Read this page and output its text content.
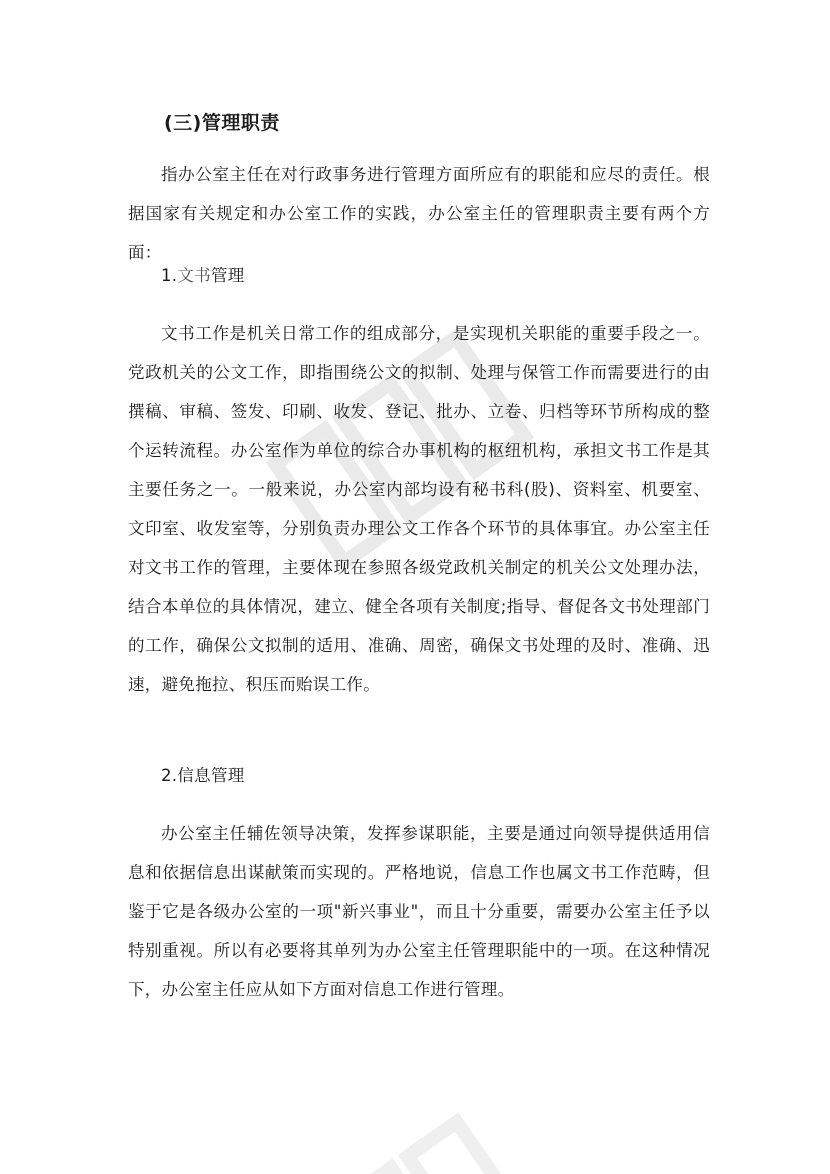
(三)管理职责

指办公室主任在对行政事务进行管理方面所应有的职能和应尽的责任。根据国家有关规定和办公室工作的实践，办公室主任的管理职责主要有两个方面：

1.文书管理

文书工作是机关日常工作的组成部分，是实现机关职能的重要手段之一。党政机关的公文工作，即指围绕公文的拟制、处理与保管工作而需要进行的由撰稿、审稿、签发、印刷、收发、登记、批办、立卷、归档等环节所构成的整个运转流程。办公室作为单位的综合办事机构的枢纽机构，承担文书工作是其主要任务之一。一般来说，办公室内部均设有秘书科(股)、资料室、机要室、文印室、收发室等，分别负责办理公文工作各个环节的具体事宜。办公室主任对文书工作的管理，主要体现在参照各级党政机关制定的机关公文处理办法，结合本单位的具体情况，建立、健全各项有关制度;指导、督促各文书处理部门的工作，确保公文拟制的适用、准确、周密，确保文书处理的及时、准确、迅速，避免拖拉、积压而贻误工作。

2.信息管理

办公室主任辅佐领导决策，发挥参谋职能，主要是通过向领导提供适用信息和依据信息出谋献策而实现的。严格地说，信息工作也属文书工作范畴，但鉴于它是各级办公室的一项"新兴事业"，而且十分重要，需要办公室主任予以特别重视。所以有必要将其单列为办公室主任管理职能中的一项。在这种情况下，办公室主任应从如下方面对信息工作进行管理。
